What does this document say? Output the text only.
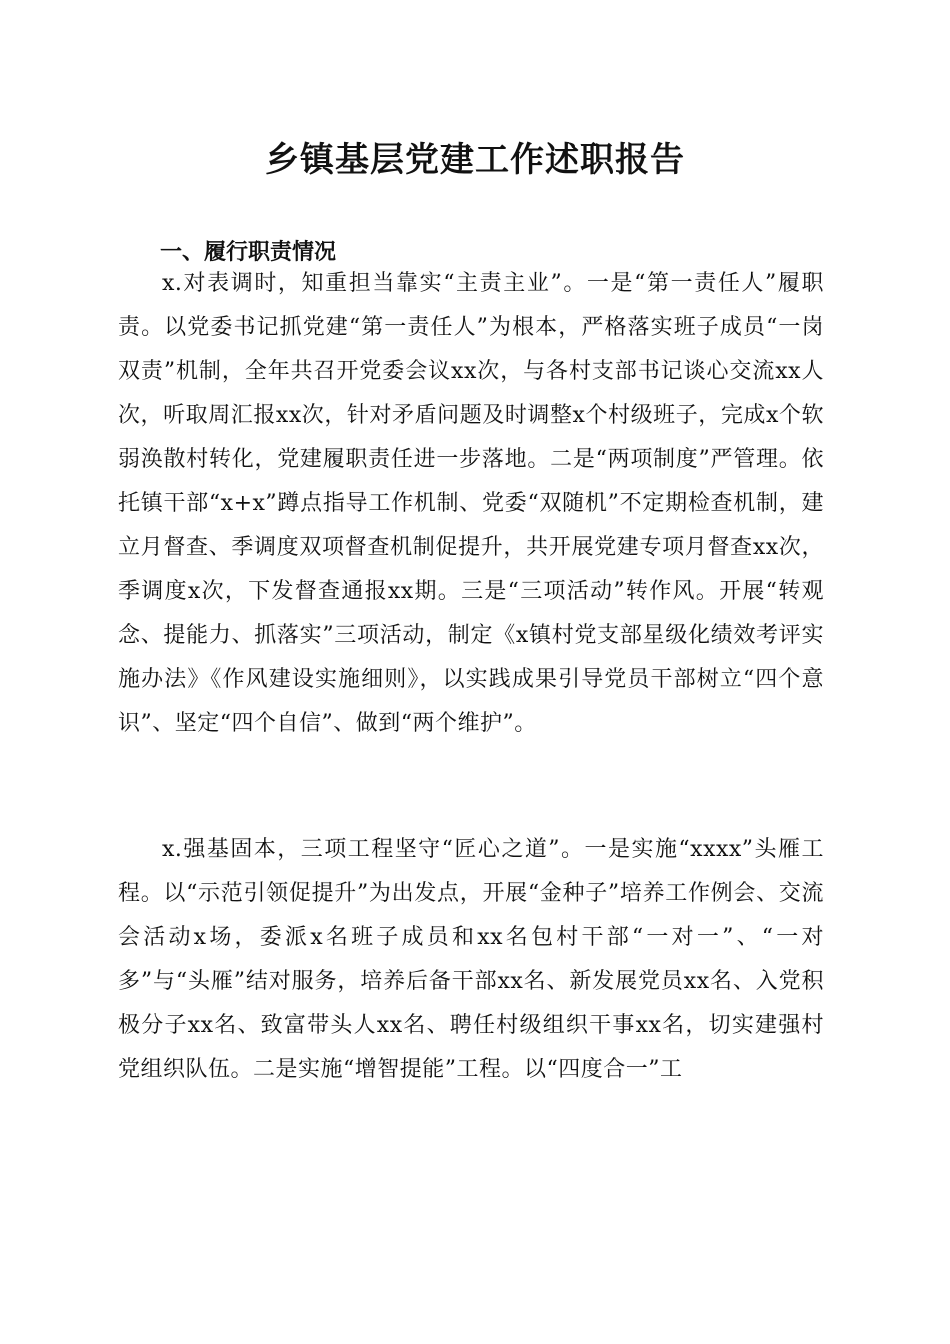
乡镇基层党建工作述职报告
一、履行职责情况

x.对表调时，知重担当靠实“主责主业”。一是“第一责任人”履职责。以党委书记抓党建“第一责任人”为根本，严格落实班子成员“一岗双责”机制，全年共召开党委会议xx次，与各村支部书记谈心交流xx人次，听取周汇报xx次，针对矛盾问题及时调整x个村级班子，完成x个软弱涣散村转化，党建履职责任进一步落地。二是“两项制度”严管理。依托镇干部“x+x”蹲点指导工作机制、党委“双随机”不定期检查机制，建立月督查、季调度双项督查机制促提升，共开展党建专项月督查xx次，季调度x次，下发督查通报xx期。三是“三项活动”转作风。开展“转观念、提能力、抓落实”三项活动，制定《x镇村党支部星级化绩效考评实施办法》《作风建设实施细则》，以实践成果引导党员干部树立“四个意识”、坚定“四个自信”、做到“两个维护”。

x.强基固本，三项工程坚守“匠心之道”。一是实施“xxxx”头雁工程。以“示范引领促提升”为出发点，开展“金种子”培养工作例会、交流会活动x场，委派x名班子成员和xx名包村干部“一对一”、“一对多”与“头雁”结对服务，培养后备干部xx名、新发展党员xx名、入党积极分子xx名、致富带头人xx名、聘任村级组织干事xx名，切实建强村党组织队伍。二是实施“增智提能”工程。以“四度合一”工
